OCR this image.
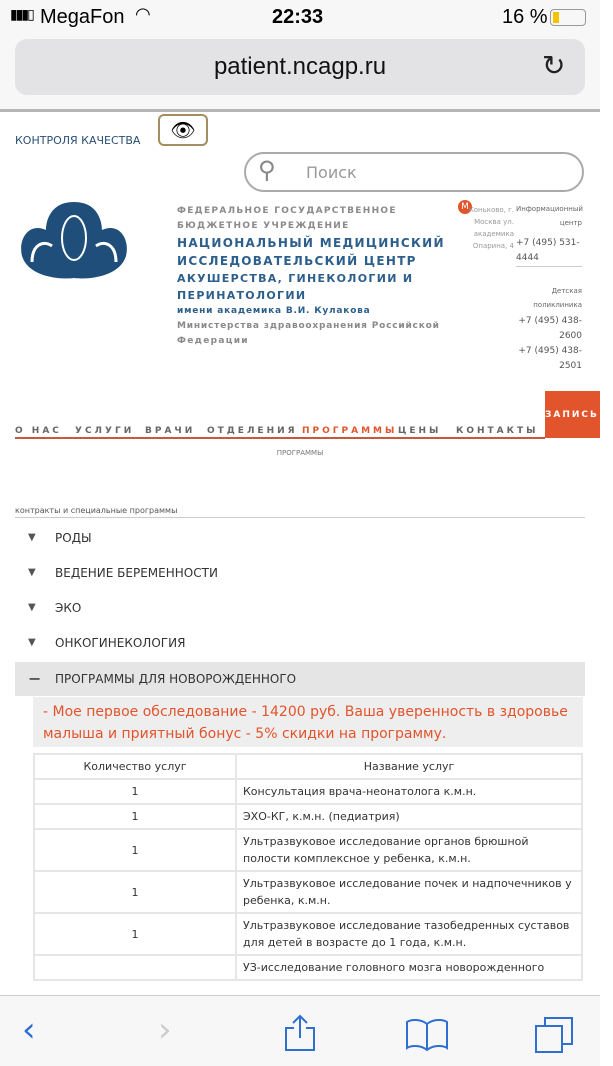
▮▮▮▯ MegaFon ◠	22:33	16 %
patient.ncagp.ru	↻
КОНТРОЛЯ КАЧЕСТВА	👁
⚲ Поиск
ФЕДЕРАЛЬНОЕ ГОСУДАРСТВЕННОЕ
БЮДЖЕТНОЕ УЧРЕЖДЕНИЕ
НАЦИОНАЛЬНЫЙ МЕДИЦИНСКИЙ
ИССЛЕДОВАТЕЛЬСКИЙ ЦЕНТР
АКУШЕРСТВА, ГИНЕКОЛОГИИ И
ПЕРИНАТОЛОГИИ
имени академика В.И. Кулакова
Министерства здравоохранения Российской
Федерации
М Коньково, г. Москва ул. академика Опарина, 4
Информационный центр
+7 (495) 531-4444
Детская поликлиника
+7 (495) 438-2600
+7 (495) 438-2501
О НАС УСЛУГИ ВРАЧИ ОТДЕЛЕНИЯ ПРОГРАММЫ ЦЕНЫ КОНТАКТЫ
ЗАПИСЬ К
ПРОГРАММЫ
контракты и специальные программы
▼ РОДЫ
▼ ВЕДЕНИЕ БЕРЕМЕННОСТИ
▼ ЭКО
▼ ОНКОГИНЕКОЛОГИЯ
− ПРОГРАММЫ ДЛЯ НОВОРОЖДЕННОГО
- Мое первое обследование - 14200 руб. Ваша уверенность в здоровье малыша и приятный бонус - 5% скидки на программу.
Количество услуг	Название услуг
1	Консультация врача-неонатолога к.м.н.
1	ЭХО-КГ, к.м.н. (педиатрия)
1	Ультразвуковое исследование органов брюшной полости комплексное у ребенка, к.м.н.
1	Ультразвуковое исследование почек и надпочечников у ребенка, к.м.н.
1	Ультразвуковое исследование тазобедренных суставов для детей в возрасте до 1 года, к.м.н.
	УЗ-исследование головного мозга новорожденного
‹	›
